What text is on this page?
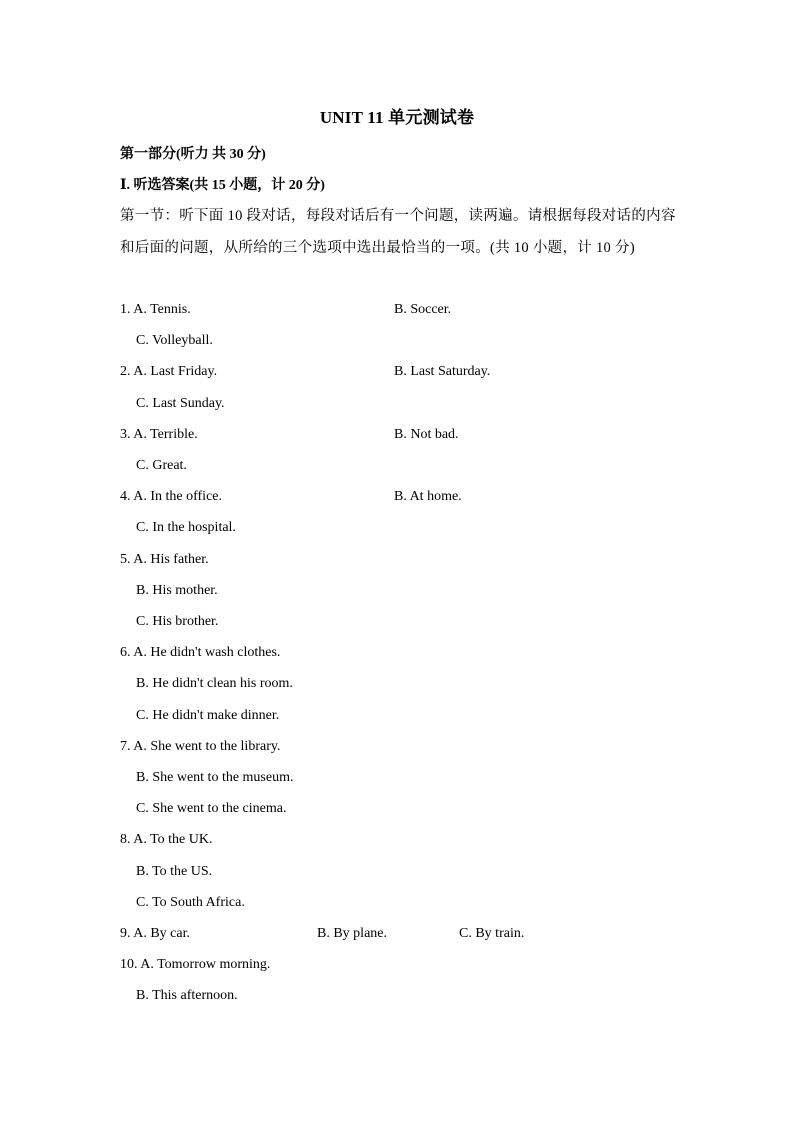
UNIT 11 单元测试卷
第一部分(听力 共 30 分)
Ⅰ. 听选答案(共 15 小题，计 20 分)
第一节：听下面 10 段对话，每段对话后有一个问题，读两遍。请根据每段对话的内容和后面的问题，从所给的三个选项中选出最恰当的一项。(共 10 小题，计 10 分)
1. A. Tennis.	B. Soccer.
C. Volleyball.
2. A. Last Friday.	B. Last Saturday.
C. Last Sunday.
3. A. Terrible.	B. Not bad.
C. Great.
4. A. In the office.	B. At home.
C. In the hospital.
5. A. His father.
B. His mother.
C. His brother.
6. A. He didn't wash clothes.
B. He didn't clean his room.
C. He didn't make dinner.
7. A. She went to the library.
B. She went to the museum.
C. She went to the cinema.
8. A. To the UK.
B. To the US.
C. To South Africa.
9. A. By car.	B. By plane.	C. By train.
10. A. Tomorrow morning.
B. This afternoon.
